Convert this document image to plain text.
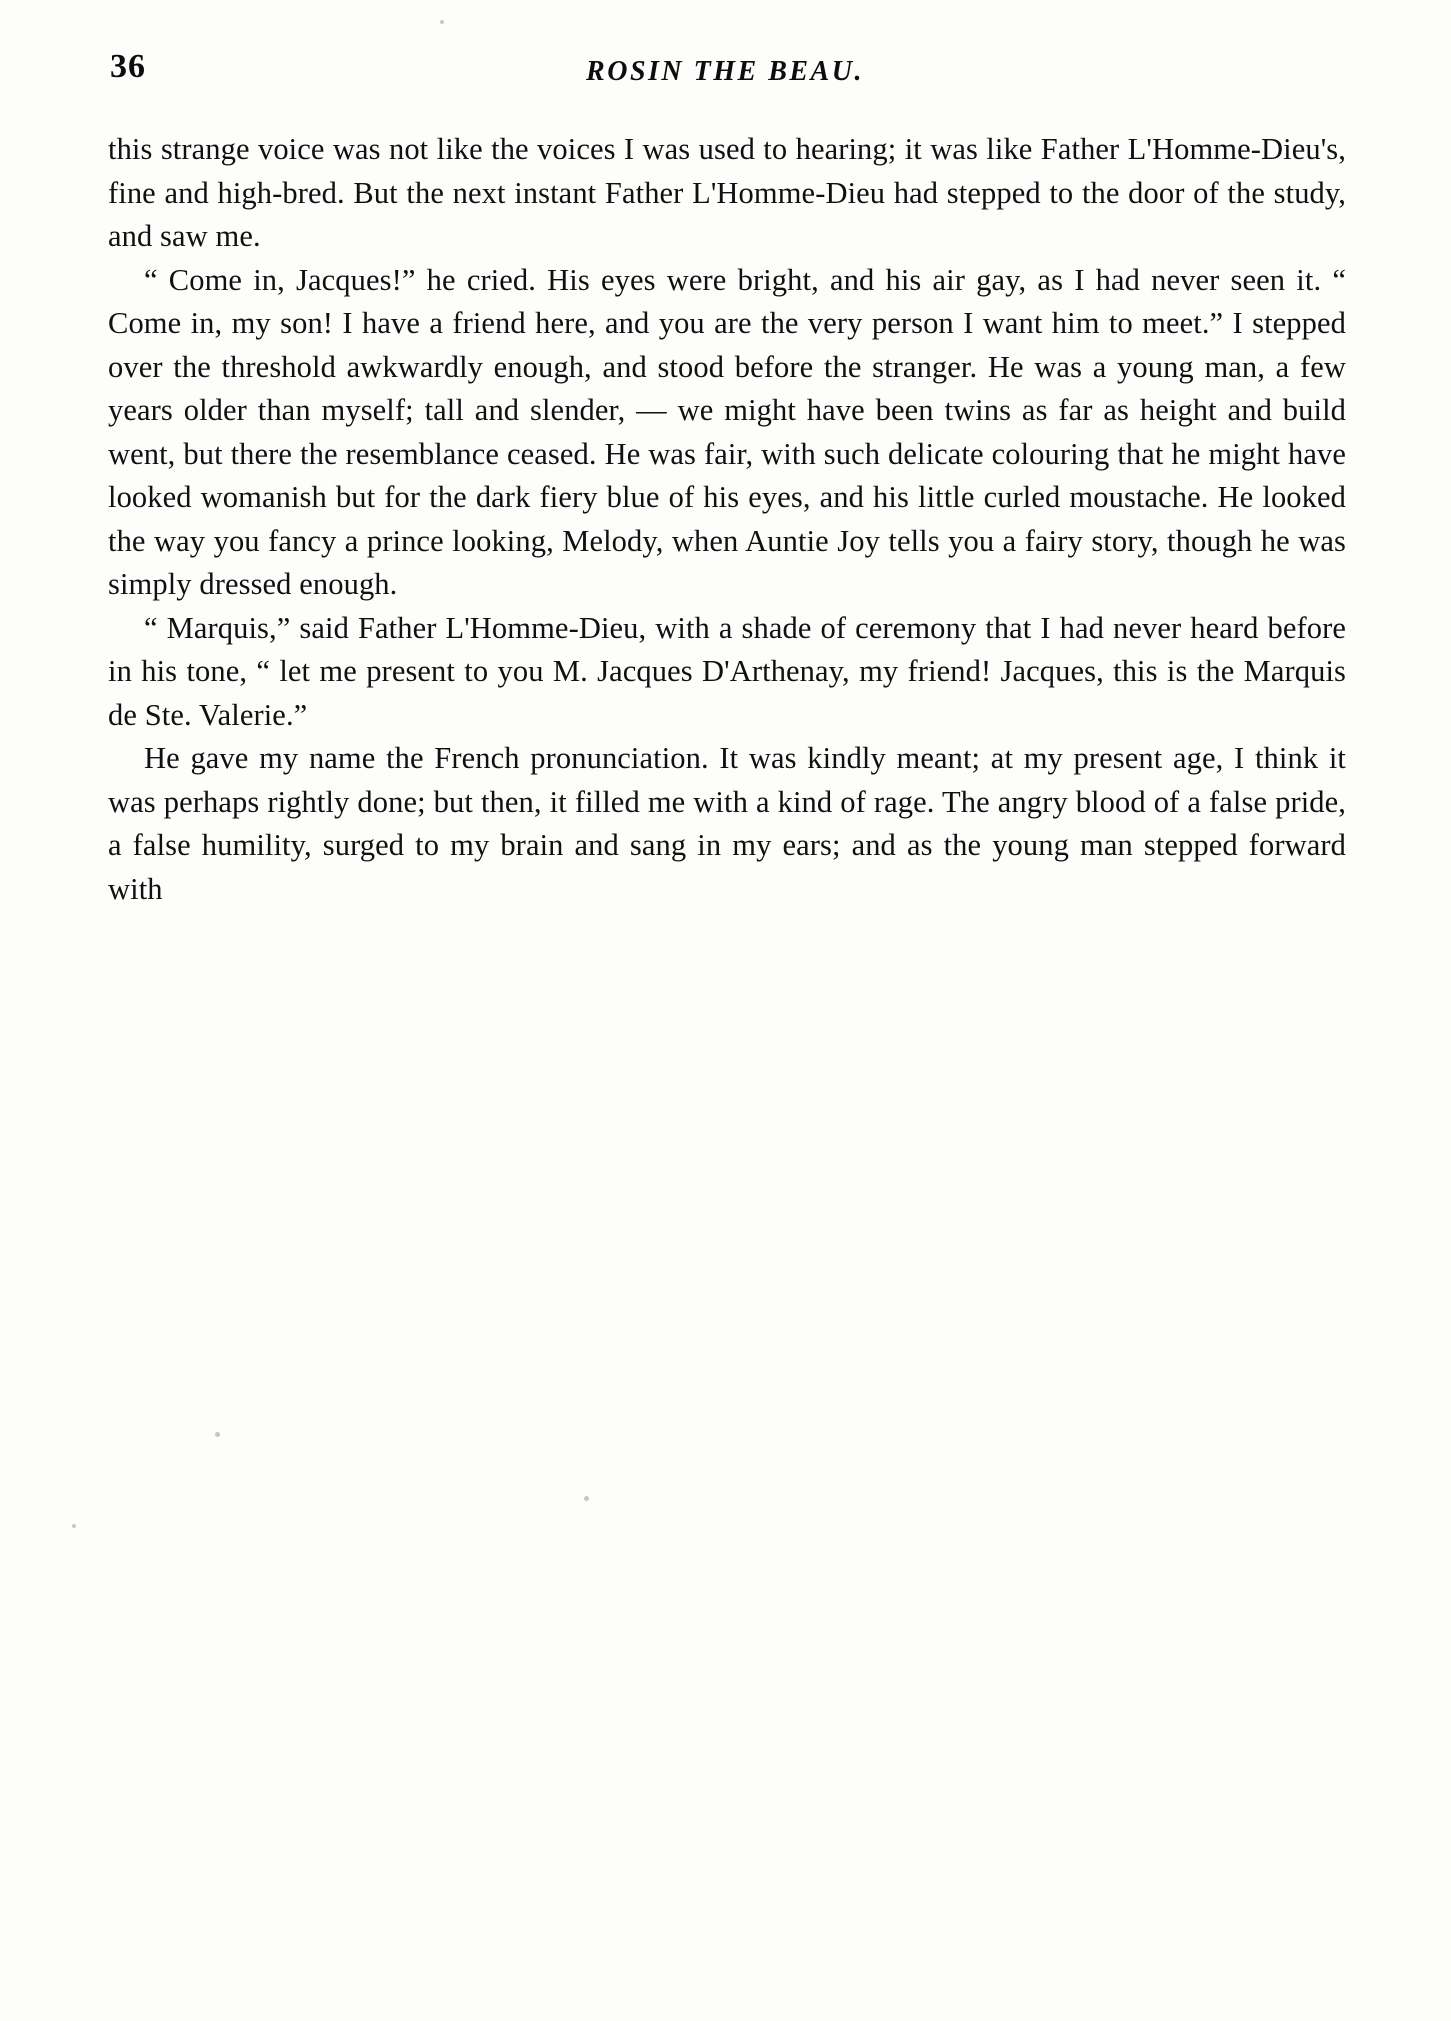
36	ROSIN THE BEAU.

this strange voice was not like the voices I was used to hearing; it was like Father L'Homme-Dieu's, fine and high-bred. But the next instant Father L'Homme-Dieu had stepped to the door of the study, and saw me.

“ Come in, Jacques!” he cried. His eyes were bright, and his air gay, as I had never seen it. “ Come in, my son! I have a friend here, and you are the very person I want him to meet.” I stepped over the threshold awkwardly enough, and stood before the stranger. He was a young man, a few years older than myself; tall and slender, — we might have been twins as far as height and build went, but there the resemblance ceased. He was fair, with such delicate colouring that he might have looked womanish but for the dark fiery blue of his eyes, and his little curled moustache. He looked the way you fancy a prince looking, Melody, when Auntie Joy tells you a fairy story, though he was simply dressed enough.

“ Marquis,” said Father L'Homme-Dieu, with a shade of ceremony that I had never heard before in his tone, “ let me present to you M. Jacques D'Arthenay, my friend! Jacques, this is the Marquis de Ste. Valerie.”

He gave my name the French pronunciation. It was kindly meant; at my present age, I think it was perhaps rightly done; but then, it filled me with a kind of rage. The angry blood of a false pride, a false humility, surged to my brain and sang in my ears; and as the young man stepped forward with
